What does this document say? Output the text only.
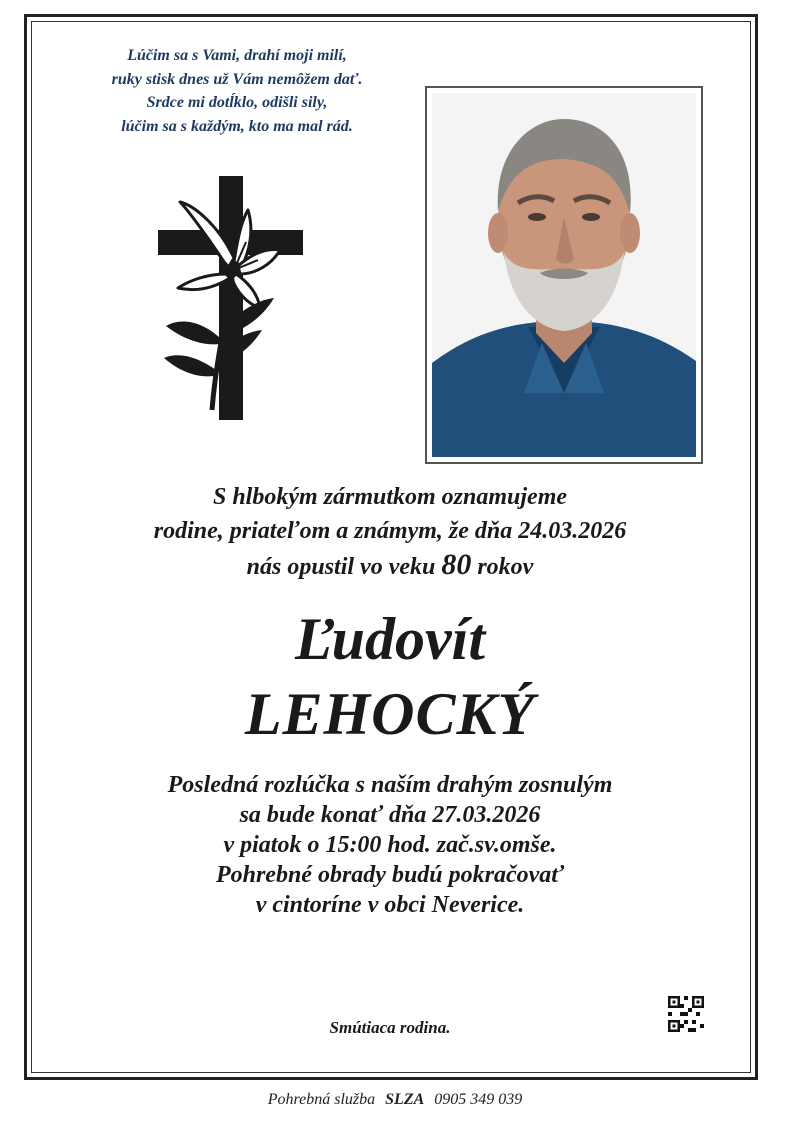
Lúčim sa s Vami, drahí moji milí,
ruky stisk dnes už Vám nemôžem dať.
Srdce mi dotĺklo, odišli sily,
lúčim sa s každým, kto ma mal rád.
S hlbokým zármutkom oznamujeme
rodine, priateľom a známym, že dňa 24.03.2026
nás opustil vo veku 80 rokov
Ľudovít
LEHOCKÝ
Posledná rozlúčka s naším drahým zosnulým
sa bude konať dňa 27.03.2026
v piatok o 15:00 hod. zač.sv.omše.
Pohrebné obrady budú pokračovať
v cintoríne v obci Neverice.
Smútiaca rodina.
Pohrebná služba SLZA 0905 349 039
